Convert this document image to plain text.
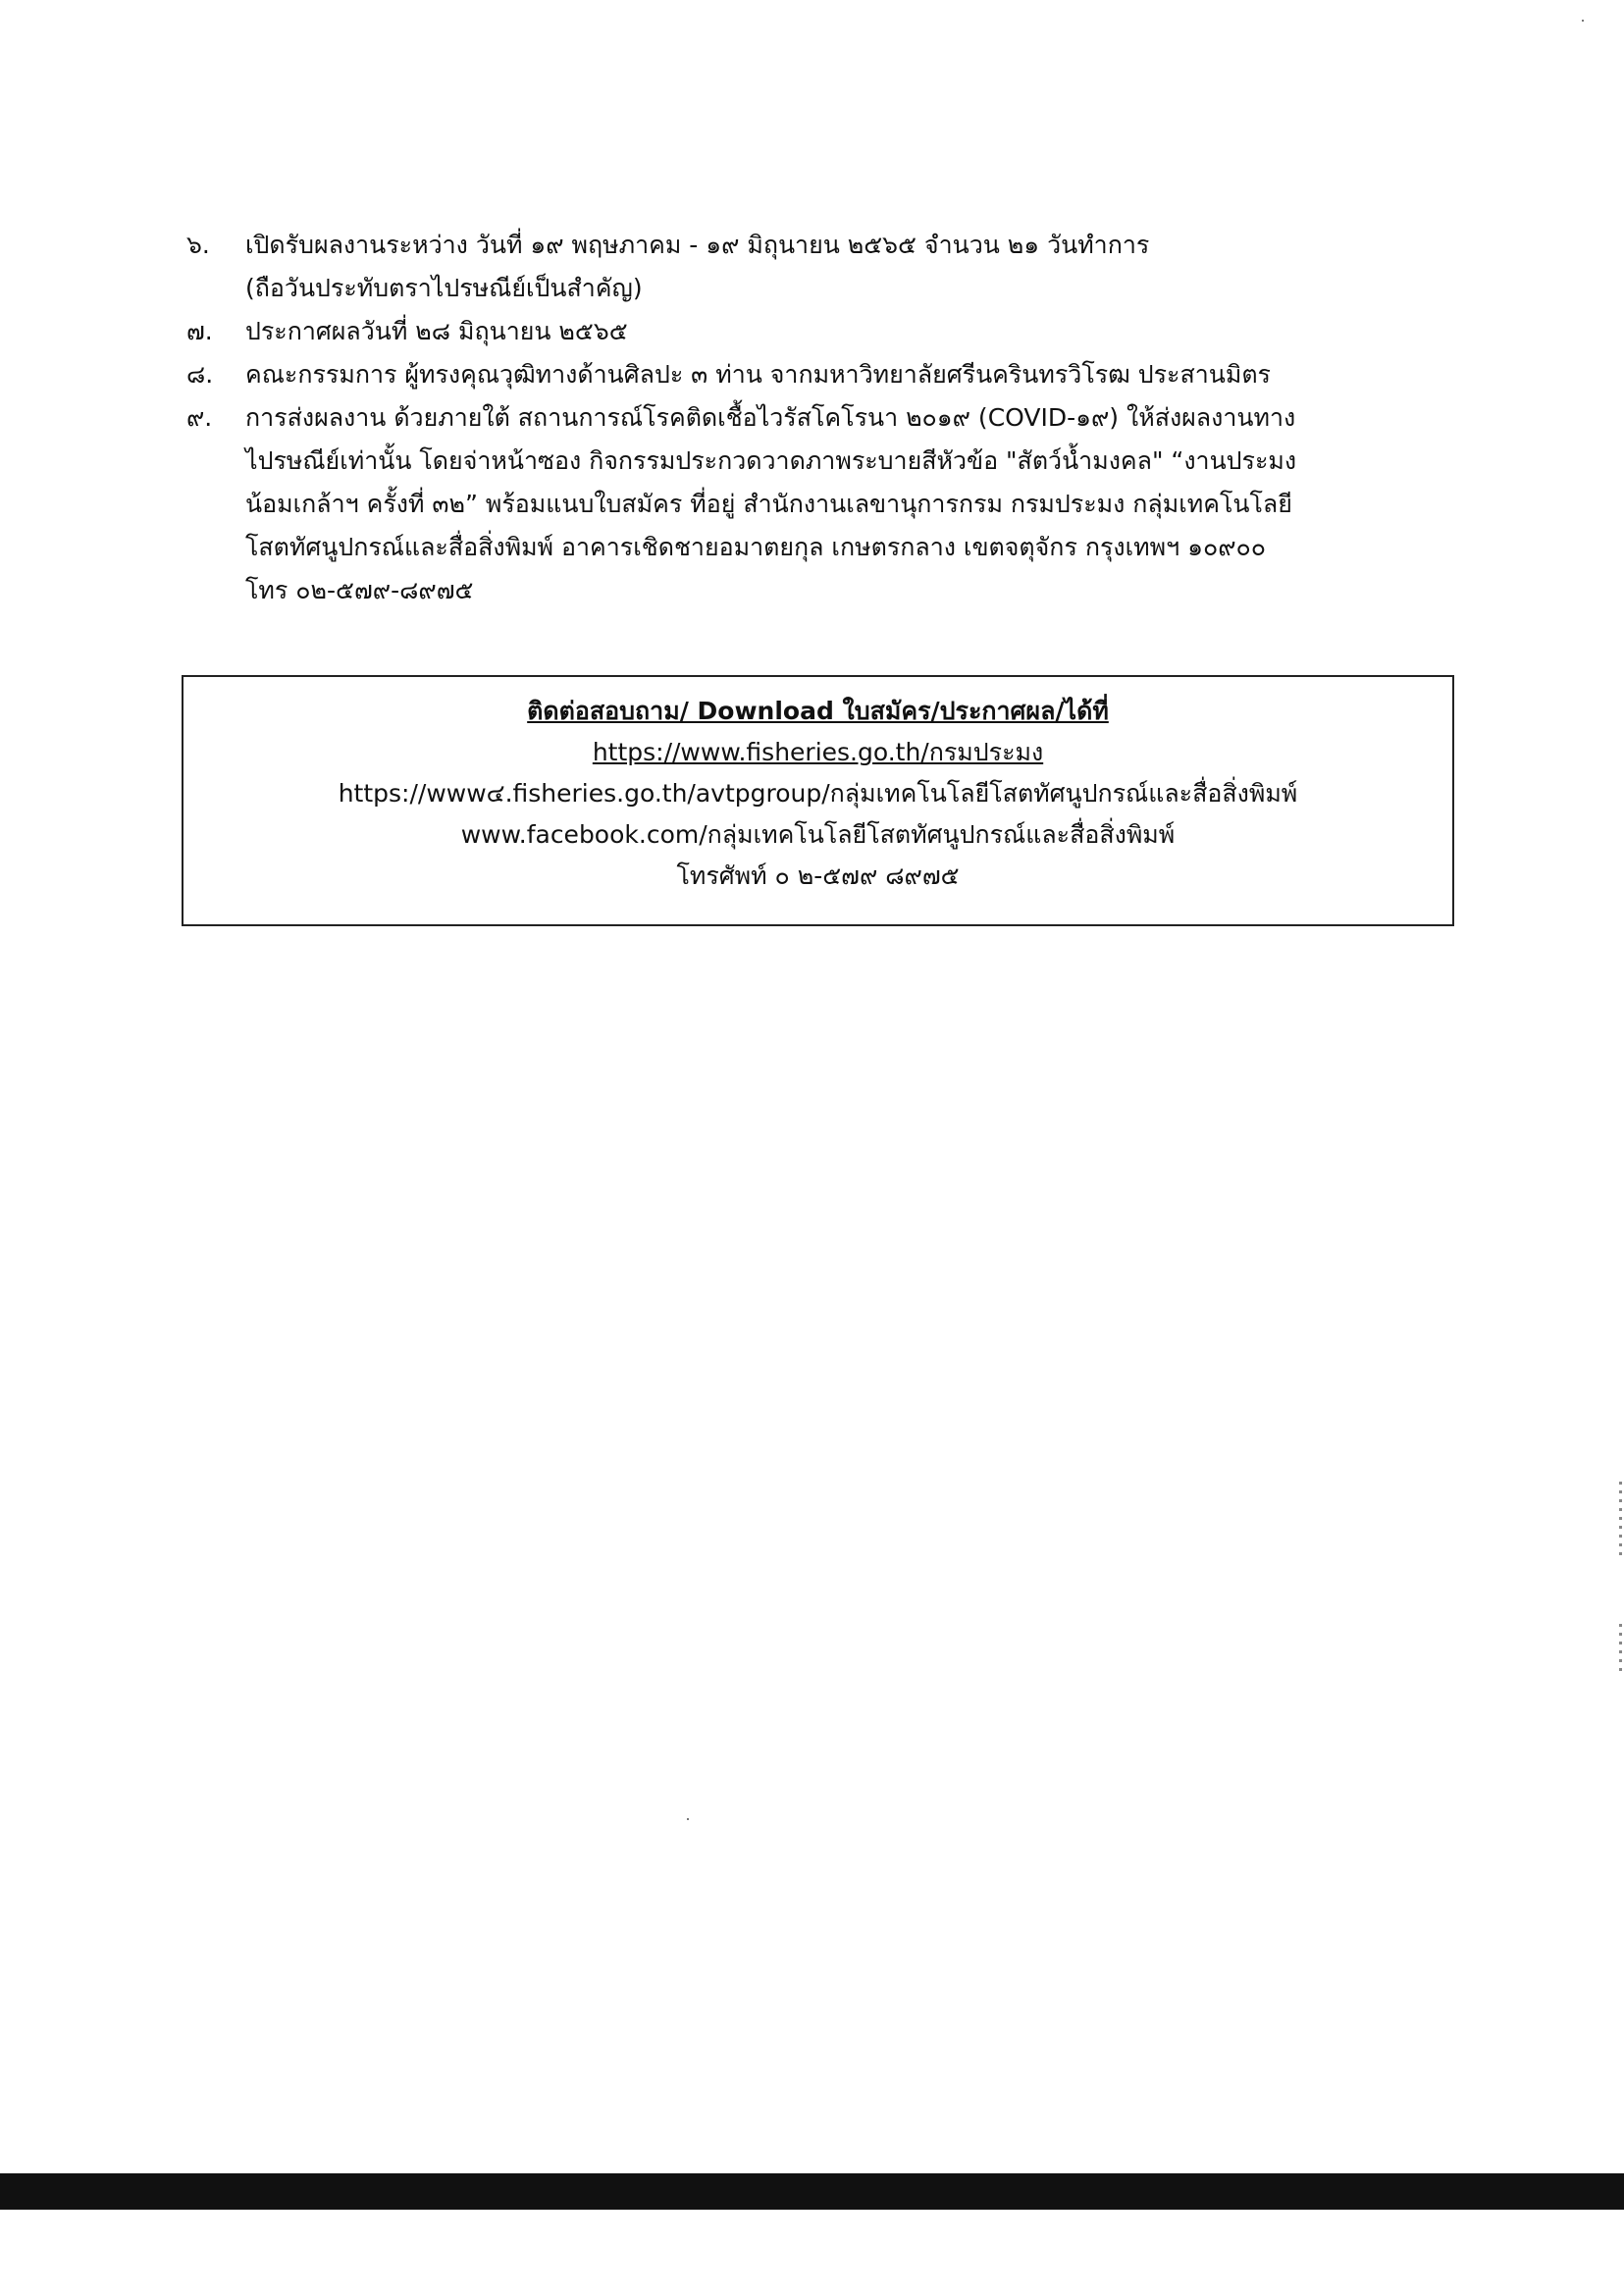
๖.	เปิดรับผลงานระหว่าง วันที่ ๑๙ พฤษภาคม - ๑๙ มิถุนายน ๒๕๖๕ จำนวน ๒๑ วันทำการ
(ถือวันประทับตราไปรษณีย์เป็นสำคัญ)
๗.	ประกาศผลวันที่ ๒๘ มิถุนายน ๒๕๖๕
๘.	คณะกรรมการ ผู้ทรงคุณวุฒิทางด้านศิลปะ ๓ ท่าน จากมหาวิทยาลัยศรีนครินทรวิโรฒ ประสานมิตร
๙.	การส่งผลงาน ด้วยภายใต้ สถานการณ์โรคติดเชื้อไวรัสโคโรนา ๒๐๑๙ (COVID-๑๙) ให้ส่งผลงานทาง
ไปรษณีย์เท่านั้น โดยจ่าหน้าซอง กิจกรรมประกวดวาดภาพระบายสีหัวข้อ "สัตว์น้ำมงคล" “งานประมง
น้อมเกล้าฯ ครั้งที่ ๓๒” พร้อมแนบใบสมัคร ที่อยู่ สำนักงานเลขานุการกรม กรมประมง กลุ่มเทคโนโลยี
โสตทัศนูปกรณ์และสื่อสิ่งพิมพ์ อาคารเชิดชายอมาตยกุล เกษตรกลาง เขตจตุจักร กรุงเทพฯ ๑๐๙๐๐
โทร ๐๒-๕๗๙-๘๙๗๕
ติดต่อสอบถาม/ Download ใบสมัคร/ประกาศผล/ได้ที่
https://www.fisheries.go.th/กรมประมง
https://www๔.fisheries.go.th/avtpgroup/กลุ่มเทคโนโลยีโสตทัศนูปกรณ์และสื่อสิ่งพิมพ์
www.facebook.com/กลุ่มเทคโนโลยีโสตทัศนูปกรณ์และสื่อสิ่งพิมพ์
โทรศัพท์ ๐ ๒-๕๗๙ ๘๙๗๕
